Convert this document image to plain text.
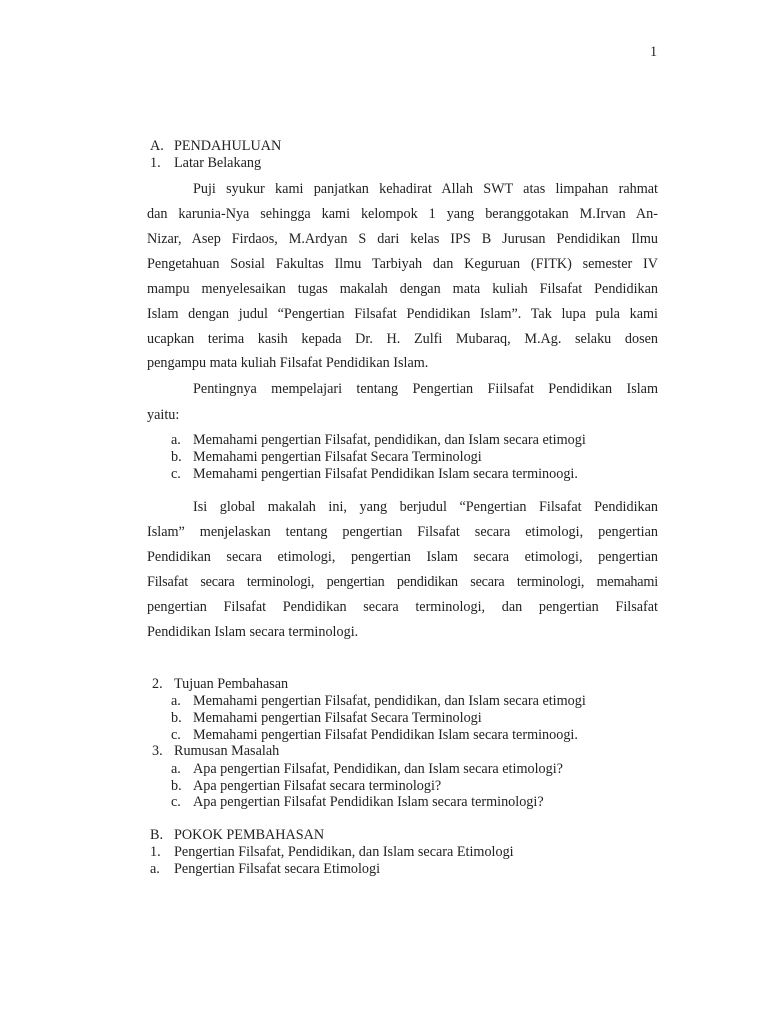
1
A. PENDAHULUAN
1. Latar Belakang
Puji syukur kami panjatkan kehadirat Allah SWT atas limpahan rahmat
dan karunia-Nya sehingga kami kelompok 1 yang beranggotakan M.Irvan An-
Nizar, Asep Firdaos, M.Ardyan S dari kelas IPS B Jurusan Pendidikan Ilmu
Pengetahuan Sosial Fakultas Ilmu Tarbiyah dan Keguruan (FITK) semester IV
mampu menyelesaikan tugas makalah dengan mata kuliah Filsafat Pendidikan
Islam dengan judul “Pengertian Filsafat Pendidikan Islam”. Tak lupa pula kami
ucapkan terima kasih kepada Dr. H. Zulfi Mubaraq, M.Ag. selaku dosen
pengampu mata kuliah Filsafat Pendidikan Islam.
Pentingnya mempelajari tentang Pengertian Fiilsafat Pendidikan Islam
yaitu:
a. Memahami pengertian Filsafat, pendidikan, dan Islam secara etimogi
b. Memahami pengertian Filsafat Secara Terminologi
c. Memahami pengertian Filsafat Pendidikan Islam secara terminoogi.
Isi global makalah ini, yang berjudul “Pengertian Filsafat Pendidikan
Islam” menjelaskan tentang pengertian Filsafat secara etimologi, pengertian
Pendidikan secara etimologi, pengertian Islam secara etimologi, pengertian
Filsafat secara terminologi, pengertian pendidikan secara terminologi, memahami
pengertian Filsafat Pendidikan secara terminologi, dan pengertian Filsafat
Pendidikan Islam secara terminologi.
2. Tujuan Pembahasan
a. Memahami pengertian Filsafat, pendidikan, dan Islam secara etimogi
b. Memahami pengertian Filsafat Secara Terminologi
c. Memahami pengertian Filsafat Pendidikan Islam secara terminoogi.
3. Rumusan Masalah
a. Apa pengertian Filsafat, Pendidikan, dan Islam secara etimologi?
b. Apa pengertian Filsafat secara terminologi?
c. Apa pengertian Filsafat Pendidikan Islam secara terminologi?
B. POKOK PEMBAHASAN
1. Pengertian Filsafat, Pendidikan, dan Islam secara Etimologi
a. Pengertian Filsafat secara Etimologi
